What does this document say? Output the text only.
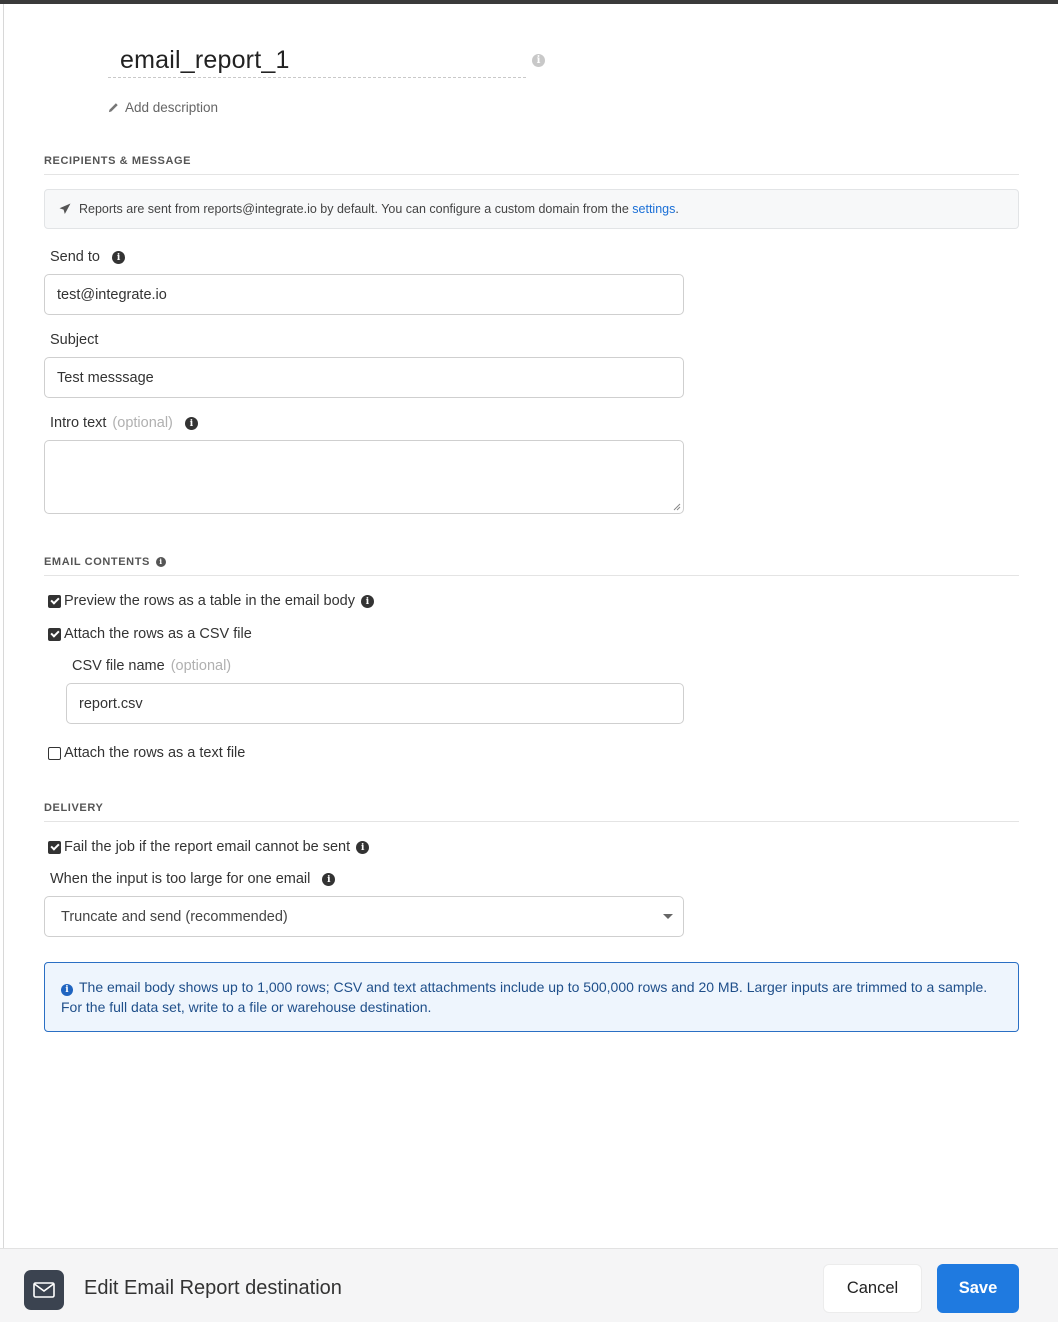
email_report_1	i
Add description
RECIPIENTS & MESSAGE
Reports are sent from reports@integrate.io by default. You can configure a custom domain from the settings.
Send to	i
test@integrate.io
Subject
Test messsage
Intro text (optional)	i
EMAIL CONTENTS	i
Preview the rows as a table in the email body	i
Attach the rows as a CSV file
CSV file name (optional)
report.csv
Attach the rows as a text file
DELIVERY
Fail the job if the report email cannot be sent	i
When the input is too large for one email	i
Truncate and send (recommended)
i The email body shows up to 1,000 rows; CSV and text attachments include up to 500,000 rows and 20 MB. Larger inputs are trimmed to a sample. For the full data set, write to a file or warehouse destination.
Edit Email Report destination	Cancel	Save
